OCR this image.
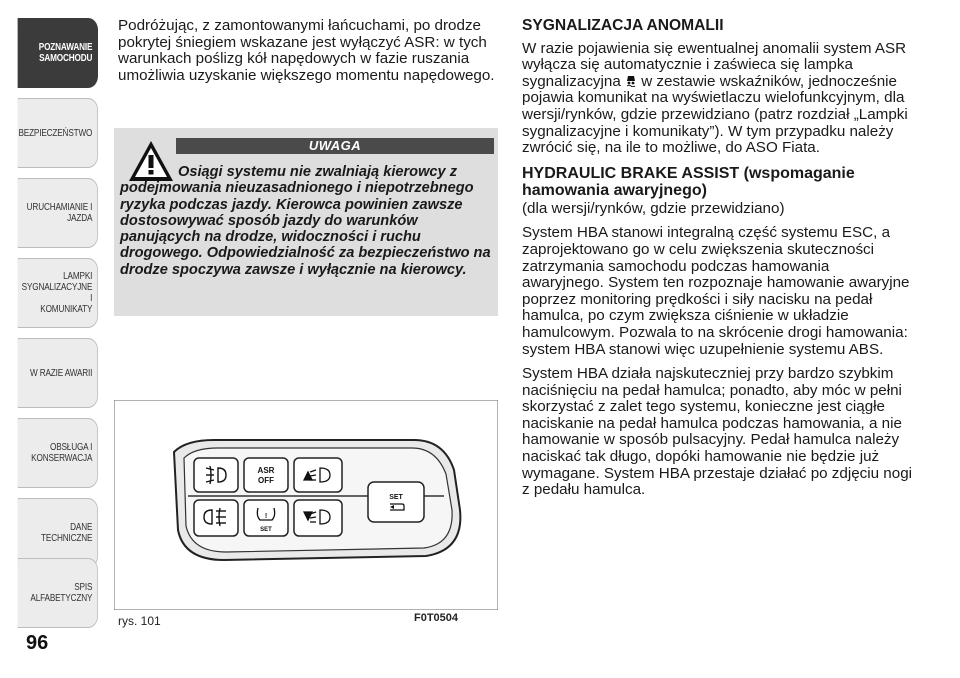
POZNAWANIE
SAMOCHODU
BEZPIECZEŃSTWO
URUCHAMIANIE I
JAZDA
LAMPKI
SYGNALIZACYJNE I
KOMUNIKATY
W RAZIE AWARII
OBSŁUGA I
KONSERWACJA
DANE TECHNICZNE
SPIS ALFABETYCZNY
96

Podróżując, z zamontowanymi łańcuchami, po drodze pokrytej śniegiem wskazane jest wyłączyć ASR: w tych warunkach poślizg kół napędowych w fazie ruszania umożliwia uzyskanie większego momentu napędowego.

UWAGA

Osiągi systemu nie zwalniają kierowcy z podejmowania nieuzasadnionego i niepotrzebnego ryzyka podczas jazdy. Kierowca powinien zawsze dostosowywać sposób jazdy do warunków panujących na drodze, widoczności i ruchu drogowego. Odpowiedzialność za bezpieczeństwo na drodze spoczywa zawsze i wyłącznie na kierowcy.

ASR
OFF
!
SET
SET
rys. 101	F0T0504
SYGNALIZACJA ANOMALII

W razie pojawienia się ewentualnej anomalii system ASR wyłącza się automatycznie i zaświeca się lampka sygnalizacyjna  w zestawie wskaźników, jednocześnie pojawia komunikat na wyświetlaczu wielofunkcyjnym, dla wersji/rynków, gdzie przewidziano (patrz rozdział „Lampki sygnalizacyjne i komunikaty”). W tym przypadku należy zwrócić się, na ile to możliwe, do ASO Fiata.

HYDRAULIC BRAKE ASSIST (wspomaganie hamowania awaryjnego)

(dla wersji/rynków, gdzie przewidziano)

System HBA stanowi integralną część systemu ESC, a zaprojektowano go w celu zwiększenia skuteczności zatrzymania samochodu podczas hamowania awaryjnego. System ten rozpoznaje hamowanie awaryjne poprzez monitoring prędkości i siły nacisku na pedał hamulca, po czym zwiększa ciśnienie w układzie hamulcowym. Pozwala to na skrócenie drogi hamowania: system HBA stanowi więc uzupełnienie systemu ABS.

System HBA działa najskuteczniej przy bardzo szybkim naciśnięciu na pedał hamulca; ponadto, aby móc w pełni skorzystać z zalet tego systemu, konieczne jest ciągłe naciskanie na pedał hamulca podczas hamowania, a nie hamowanie w sposób pulsacyjny. Pedał hamulca należy naciskać tak długo, dopóki hamowanie nie będzie już wymagane. System HBA przestaje działać po zdjęciu nogi z pedału hamulca.
